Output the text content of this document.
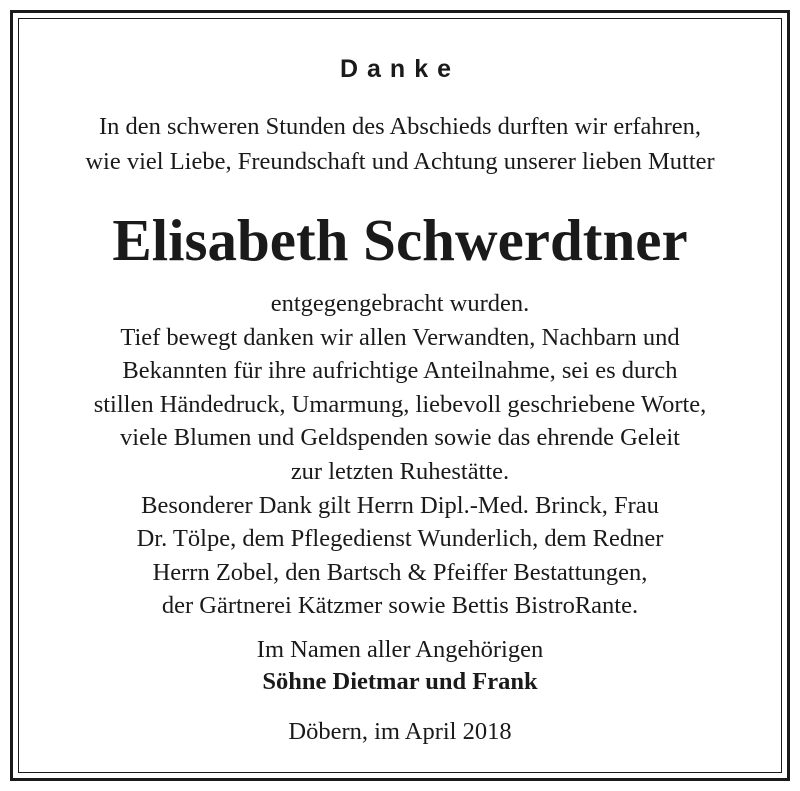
Danke
In den schweren Stunden des Abschieds durften wir erfahren,
wie viel Liebe, Freundschaft und Achtung unserer lieben Mutter
Elisabeth Schwerdtner
entgegengebracht wurden.
Tief bewegt danken wir allen Verwandten, Nachbarn und
Bekannten für ihre aufrichtige Anteilnahme, sei es durch
stillen Händedruck, Umarmung, liebevoll geschriebene Worte,
viele Blumen und Geldspenden sowie das ehrende Geleit
zur letzten Ruhestätte.
Besonderer Dank gilt Herrn Dipl.-Med. Brinck, Frau
Dr. Tölpe, dem Pflegedienst Wunderlich, dem Redner
Herrn Zobel, den Bartsch & Pfeiffer Bestattungen,
der Gärtnerei Kätzmer sowie Bettis BistroRante.
Im Namen aller Angehörigen
Söhne Dietmar und Frank
Döbern, im April 2018
